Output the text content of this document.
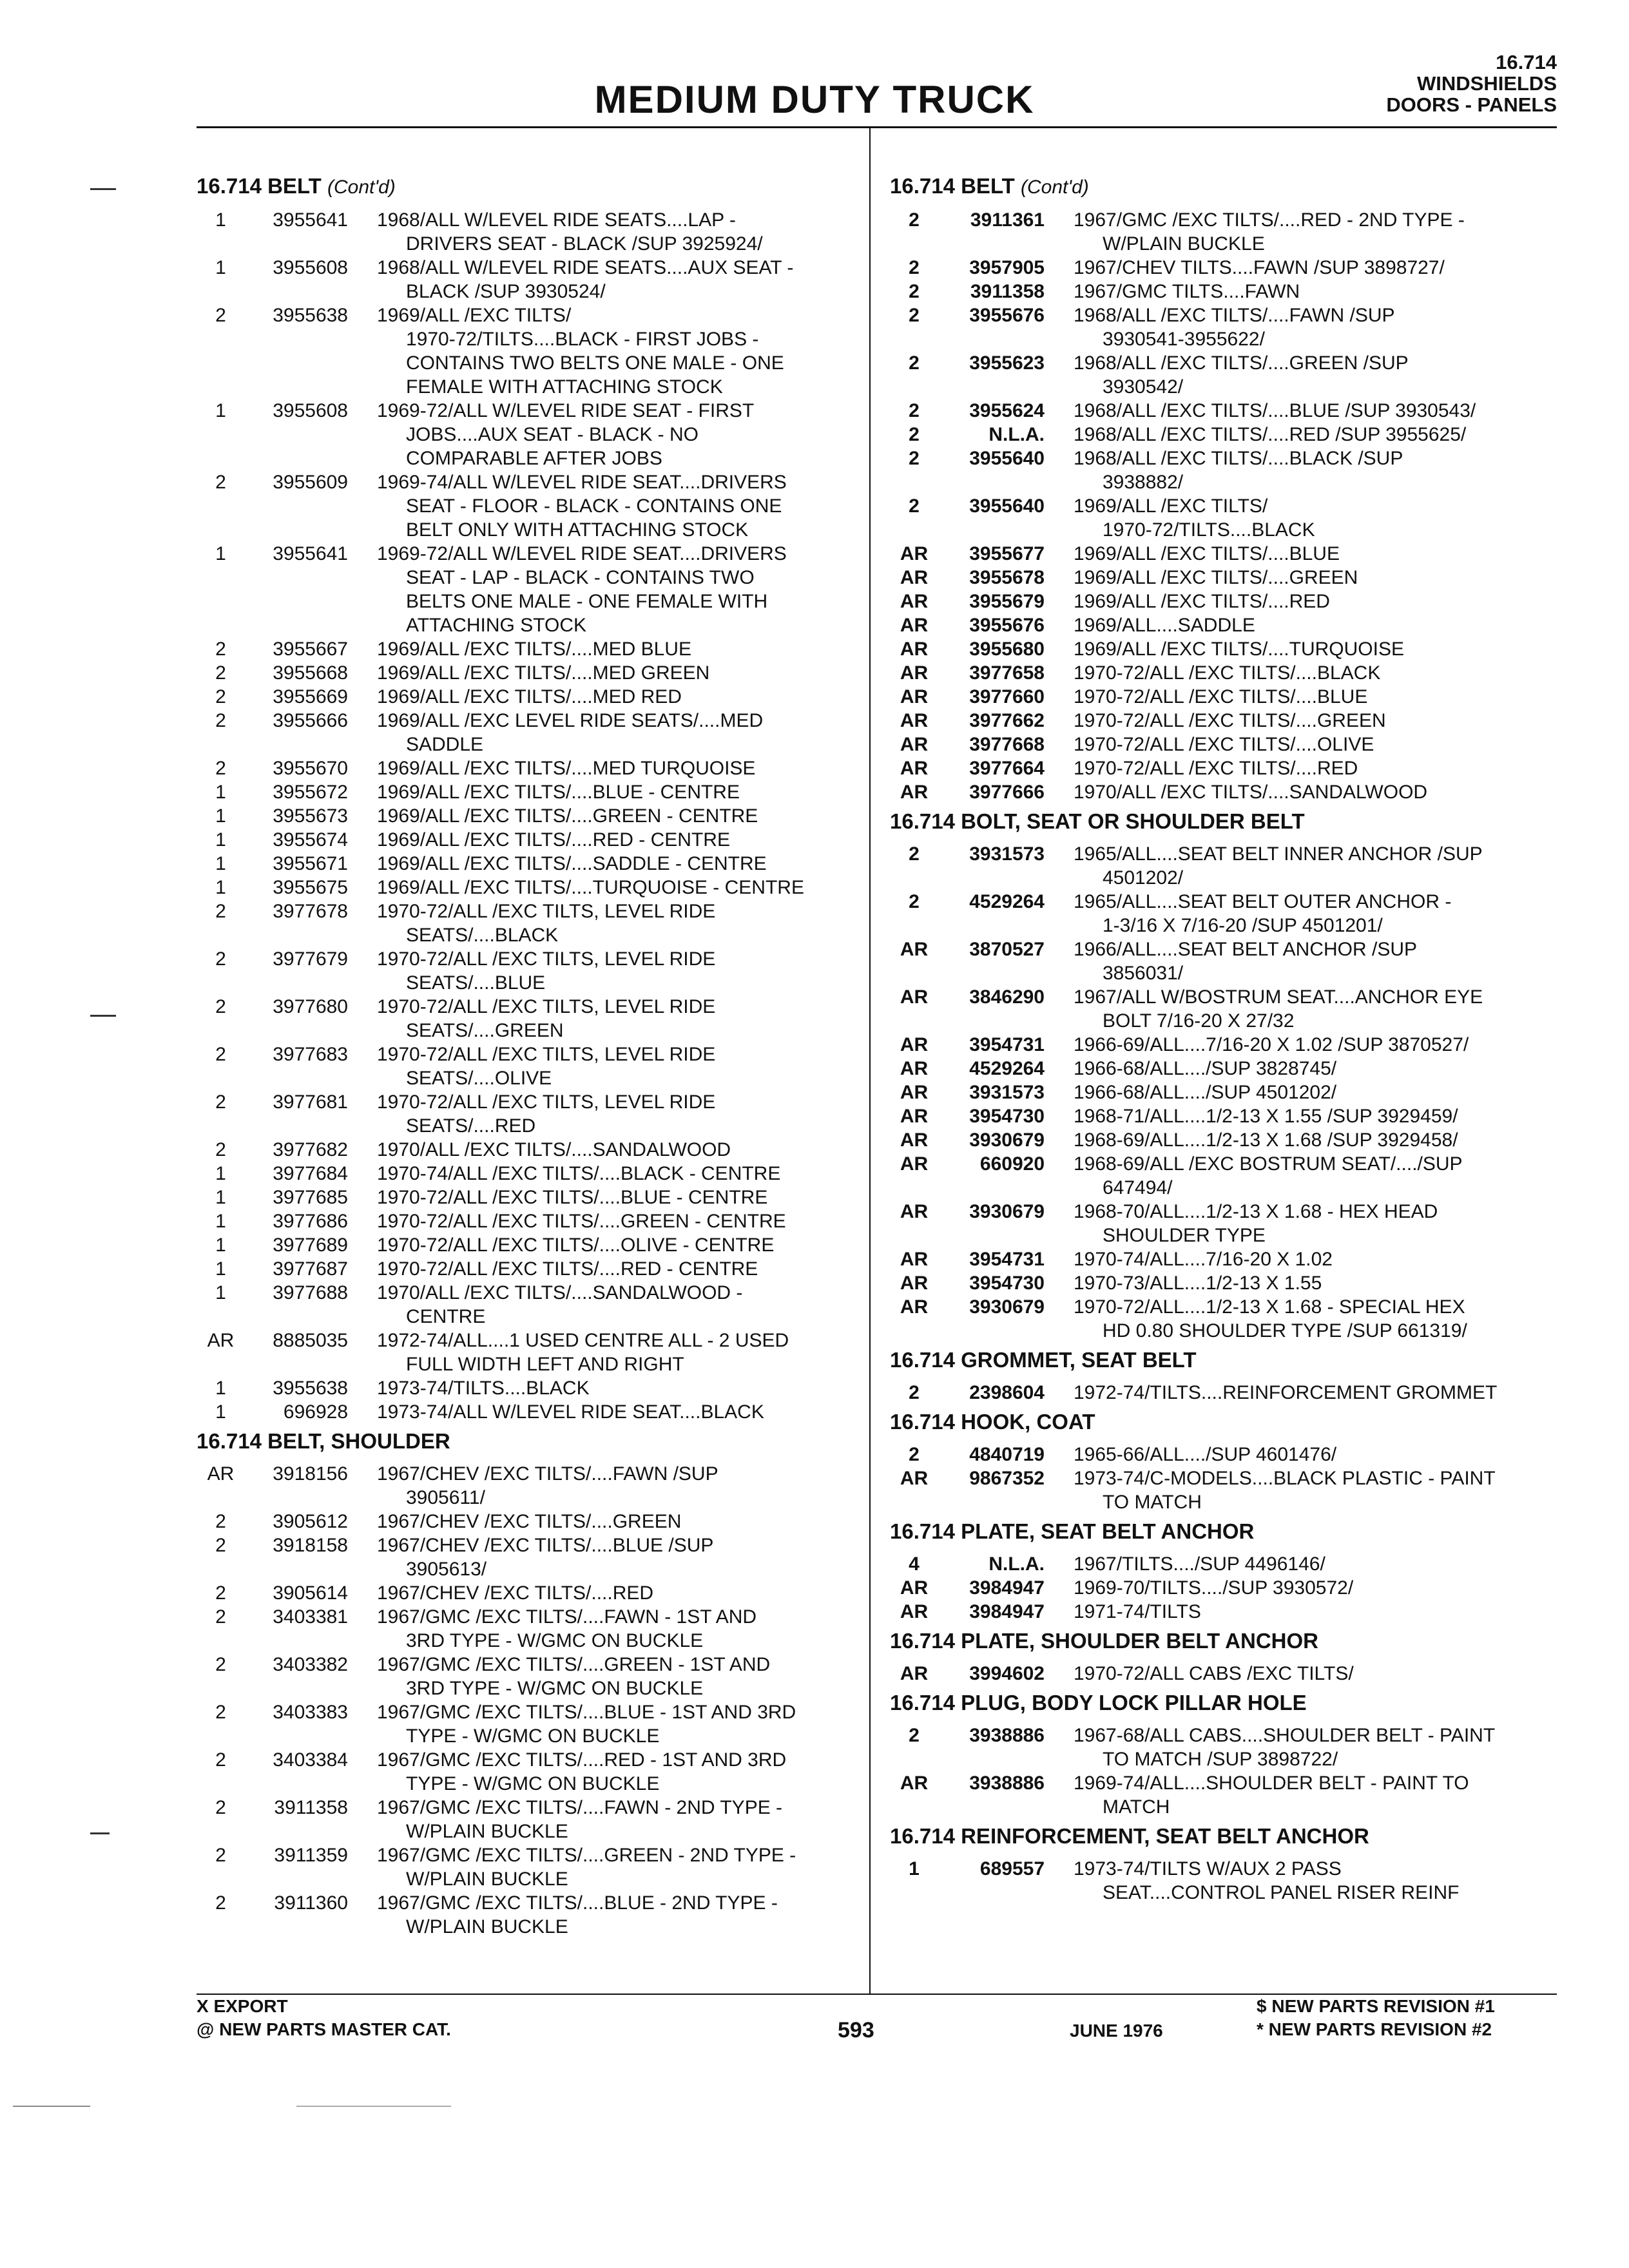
MEDIUM DUTY TRUCK
16.714
WINDSHIELDS
DOORS - PANELS
16.714 BELT (Cont'd)
1	3955641 1968/ALL W/LEVEL RIDE SEATS....LAP -
DRIVERS SEAT - BLACK /SUP 3925924/
1	3955608 1968/ALL W/LEVEL RIDE SEATS....AUX SEAT -
BLACK /SUP 3930524/
2	3955638 1969/ALL /EXC TILTS/
1970-72/TILTS....BLACK - FIRST JOBS -
CONTAINS TWO BELTS ONE MALE - ONE
FEMALE WITH ATTACHING STOCK
1	3955608 1969-72/ALL W/LEVEL RIDE SEAT - FIRST
JOBS....AUX SEAT - BLACK - NO
COMPARABLE AFTER JOBS
2	3955609 1969-74/ALL W/LEVEL RIDE SEAT....DRIVERS
SEAT - FLOOR - BLACK - CONTAINS ONE
BELT ONLY WITH ATTACHING STOCK
1	3955641 1969-72/ALL W/LEVEL RIDE SEAT....DRIVERS
SEAT - LAP - BLACK - CONTAINS TWO
BELTS ONE MALE - ONE FEMALE WITH
ATTACHING STOCK
2	3955667 1969/ALL /EXC TILTS/....MED BLUE
2	3955668 1969/ALL /EXC TILTS/....MED GREEN
2	3955669 1969/ALL /EXC TILTS/....MED RED
2	3955666 1969/ALL /EXC LEVEL RIDE SEATS/....MED
SADDLE
2	3955670 1969/ALL /EXC TILTS/....MED TURQUOISE
1	3955672 1969/ALL /EXC TILTS/....BLUE - CENTRE
1	3955673 1969/ALL /EXC TILTS/....GREEN - CENTRE
1	3955674 1969/ALL /EXC TILTS/....RED - CENTRE
1	3955671 1969/ALL /EXC TILTS/....SADDLE - CENTRE
1	3955675 1969/ALL /EXC TILTS/....TURQUOISE - CENTRE
2	3977678 1970-72/ALL /EXC TILTS, LEVEL RIDE
SEATS/....BLACK
2	3977679 1970-72/ALL /EXC TILTS, LEVEL RIDE
SEATS/....BLUE
2	3977680 1970-72/ALL /EXC TILTS, LEVEL RIDE
SEATS/....GREEN
2	3977683 1970-72/ALL /EXC TILTS, LEVEL RIDE
SEATS/....OLIVE
2	3977681 1970-72/ALL /EXC TILTS, LEVEL RIDE
SEATS/....RED
2	3977682 1970/ALL /EXC TILTS/....SANDALWOOD
1	3977684 1970-74/ALL /EXC TILTS/....BLACK - CENTRE
1	3977685 1970-72/ALL /EXC TILTS/....BLUE - CENTRE
1	3977686 1970-72/ALL /EXC TILTS/....GREEN - CENTRE
1	3977689 1970-72/ALL /EXC TILTS/....OLIVE - CENTRE
1	3977687 1970-72/ALL /EXC TILTS/....RED - CENTRE
1	3977688 1970/ALL /EXC TILTS/....SANDALWOOD -
CENTRE
AR	8885035 1972-74/ALL....1 USED CENTRE ALL - 2 USED
FULL WIDTH LEFT AND RIGHT
1	3955638 1973-74/TILTS....BLACK
1	696928 1973-74/ALL W/LEVEL RIDE SEAT....BLACK
16.714 BELT, SHOULDER
AR	3918156 1967/CHEV /EXC TILTS/....FAWN /SUP
3905611/
2	3905612 1967/CHEV /EXC TILTS/....GREEN
2	3918158 1967/CHEV /EXC TILTS/....BLUE /SUP
3905613/
2	3905614 1967/CHEV /EXC TILTS/....RED
2	3403381 1967/GMC /EXC TILTS/....FAWN - 1ST AND
3RD TYPE - W/GMC ON BUCKLE
2	3403382 1967/GMC /EXC TILTS/....GREEN - 1ST AND
3RD TYPE - W/GMC ON BUCKLE
2	3403383 1967/GMC /EXC TILTS/....BLUE - 1ST AND 3RD
TYPE - W/GMC ON BUCKLE
2	3403384 1967/GMC /EXC TILTS/....RED - 1ST AND 3RD
TYPE - W/GMC ON BUCKLE
2	3911358 1967/GMC /EXC TILTS/....FAWN - 2ND TYPE -
W/PLAIN BUCKLE
2	3911359 1967/GMC /EXC TILTS/....GREEN - 2ND TYPE -
W/PLAIN BUCKLE
2	3911360 1967/GMC /EXC TILTS/....BLUE - 2ND TYPE -
W/PLAIN BUCKLE
16.714 BELT (Cont'd)
2	3911361 1967/GMC /EXC TILTS/....RED - 2ND TYPE -
W/PLAIN BUCKLE
2	3957905 1967/CHEV TILTS....FAWN /SUP 3898727/
2	3911358 1967/GMC TILTS....FAWN
2	3955676 1968/ALL /EXC TILTS/....FAWN /SUP
3930541-3955622/
2	3955623 1968/ALL /EXC TILTS/....GREEN /SUP
3930542/
2	3955624 1968/ALL /EXC TILTS/....BLUE /SUP 3930543/
2	N.L.A. 1968/ALL /EXC TILTS/....RED /SUP 3955625/
2	3955640 1968/ALL /EXC TILTS/....BLACK /SUP
3938882/
2	3955640 1969/ALL /EXC TILTS/
1970-72/TILTS....BLACK
AR	3955677 1969/ALL /EXC TILTS/....BLUE
AR	3955678 1969/ALL /EXC TILTS/....GREEN
AR	3955679 1969/ALL /EXC TILTS/....RED
AR	3955676 1969/ALL....SADDLE
AR	3955680 1969/ALL /EXC TILTS/....TURQUOISE
AR	3977658 1970-72/ALL /EXC TILTS/....BLACK
AR	3977660 1970-72/ALL /EXC TILTS/....BLUE
AR	3977662 1970-72/ALL /EXC TILTS/....GREEN
AR	3977668 1970-72/ALL /EXC TILTS/....OLIVE
AR	3977664 1970-72/ALL /EXC TILTS/....RED
AR	3977666 1970/ALL /EXC TILTS/....SANDALWOOD
16.714 BOLT, SEAT OR SHOULDER BELT
2	3931573 1965/ALL....SEAT BELT INNER ANCHOR /SUP
4501202/
2	4529264 1965/ALL....SEAT BELT OUTER ANCHOR -
1-3/16 X 7/16-20 /SUP 4501201/
AR	3870527 1966/ALL....SEAT BELT ANCHOR /SUP
3856031/
AR	3846290 1967/ALL W/BOSTRUM SEAT....ANCHOR EYE
BOLT 7/16-20 X 27/32
AR	3954731 1966-69/ALL....7/16-20 X 1.02 /SUP 3870527/
AR	4529264 1966-68/ALL..../SUP 3828745/
AR	3931573 1966-68/ALL..../SUP 4501202/
AR	3954730 1968-71/ALL....1/2-13 X 1.55 /SUP 3929459/
AR	3930679 1968-69/ALL....1/2-13 X 1.68 /SUP 3929458/
AR	660920 1968-69/ALL /EXC BOSTRUM SEAT/..../SUP
647494/
AR	3930679 1968-70/ALL....1/2-13 X 1.68 - HEX HEAD
SHOULDER TYPE
AR	3954731 1970-74/ALL....7/16-20 X 1.02
AR	3954730 1970-73/ALL....1/2-13 X 1.55
AR	3930679 1970-72/ALL....1/2-13 X 1.68 - SPECIAL HEX
HD 0.80 SHOULDER TYPE /SUP 661319/
16.714 GROMMET, SEAT BELT
2	2398604 1972-74/TILTS....REINFORCEMENT GROMMET
16.714 HOOK, COAT
2	4840719 1965-66/ALL..../SUP 4601476/
AR	9867352 1973-74/C-MODELS....BLACK PLASTIC - PAINT
TO MATCH
16.714 PLATE, SEAT BELT ANCHOR
4	N.L.A. 1967/TILTS..../SUP 4496146/
AR	3984947 1969-70/TILTS..../SUP 3930572/
AR	3984947 1971-74/TILTS
16.714 PLATE, SHOULDER BELT ANCHOR
AR	3994602 1970-72/ALL CABS /EXC TILTS/
16.714 PLUG, BODY LOCK PILLAR HOLE
2	3938886 1967-68/ALL CABS....SHOULDER BELT - PAINT
TO MATCH /SUP 3898722/
AR	3938886 1969-74/ALL....SHOULDER BELT - PAINT TO
MATCH
16.714 REINFORCEMENT, SEAT BELT ANCHOR
1	689557 1973-74/TILTS W/AUX 2 PASS
SEAT....CONTROL PANEL RISER REINF
X EXPORT
@ NEW PARTS MASTER CAT.	593	JUNE 1976
$ NEW PARTS REVISION #1
* NEW PARTS REVISION #2
